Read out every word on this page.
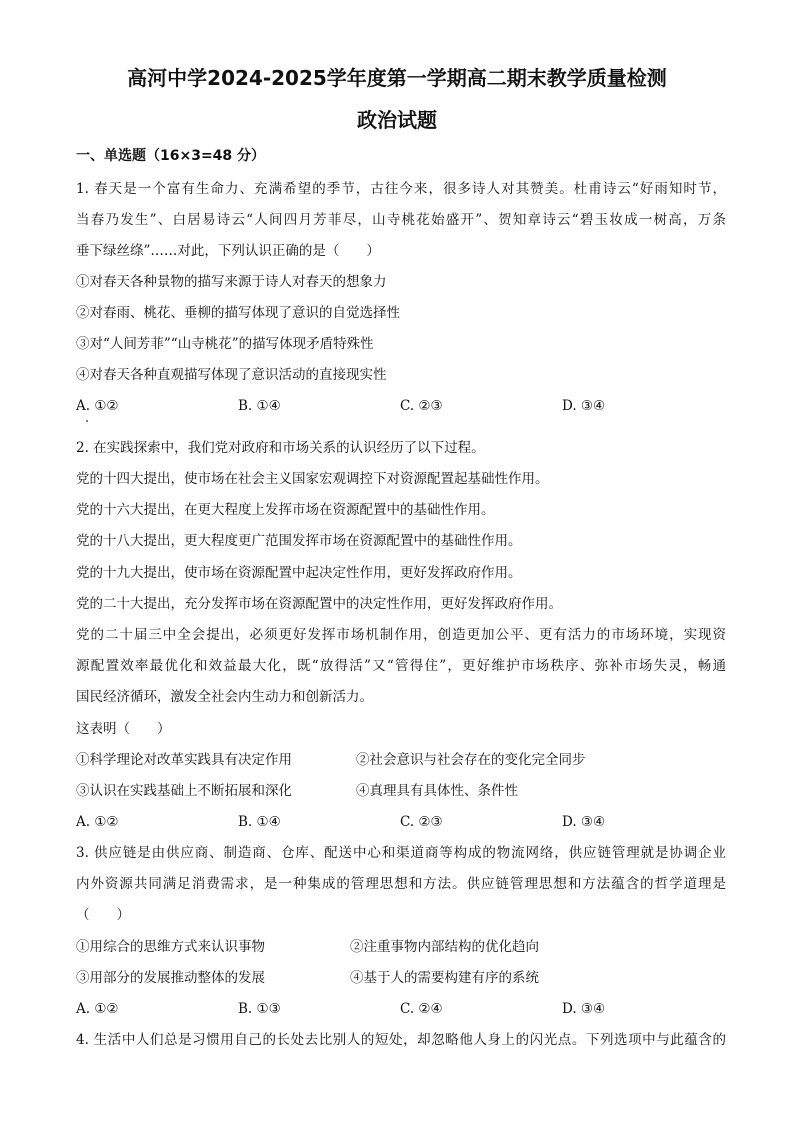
高河中学2024-2025学年度第一学期高二期末教学质量检测
政治试题
一、单选题（16×3=48 分）
1. 春天是一个富有生命力、充满希望的季节，古往今来，很多诗人对其赞美。杜甫诗云“好雨知时节，
当春乃发生”、白居易诗云“人间四月芳菲尽，山寺桃花始盛开”、贺知章诗云“碧玉妆成一树高，万条
垂下绿丝绦”……对此，下列认识正确的是（　　）
①对春天各种景物的描写来源于诗人对春天的想象力
②对春雨、桃花、垂柳的描写体现了意识的自觉选择性
③对“人间芳菲”“山寺桃花”的描写体现矛盾特殊性
④对春天各种直观描写体现了意识活动的直接现实性
A. ①②	B. ①④	C. ②③	D. ③④
2. 在实践探索中，我们党对政府和市场关系的认识经历了以下过程。
党的十四大提出，使市场在社会主义国家宏观调控下对资源配置起基础性作用。
党的十六大提出，在更大程度上发挥市场在资源配置中的基础性作用。
党的十八大提出，更大程度更广范围发挥市场在资源配置中的基础性作用。
党的十九大提出，使市场在资源配置中起决定性作用，更好发挥政府作用。
党的二十大提出，充分发挥市场在资源配置中的决定性作用，更好发挥政府作用。
党的二十届三中全会提出，必须更好发挥市场机制作用，创造更加公平、更有活力的市场环境，实现资
源配置效率最优化和效益最大化，既“放得活”又“管得住”，更好维护市场秩序、弥补市场失灵，畅通
国民经济循环，激发全社会内生动力和创新活力。
这表明（　　）
①科学理论对改革实践具有决定作用	②社会意识与社会存在的变化完全同步
③认识在实践基础上不断拓展和深化	④真理具有具体性、条件性
A. ①②	B. ①④	C. ②③	D. ③④
3. 供应链是由供应商、制造商、仓库、配送中心和渠道商等构成的物流网络，供应链管理就是协调企业
内外资源共同满足消费需求，是一种集成的管理思想和方法。供应链管理思想和方法蕴含的哲学道理是
（　　）
①用综合的思维方式来认识事物	②注重事物内部结构的优化趋向
③用部分的发展推动整体的发展	④基于人的需要构建有序的系统
A. ①②	B. ①③	C. ②④	D. ③④
4. 生活中人们总是习惯用自己的长处去比别人的短处，却忽略他人身上的闪光点。下列选项中与此蕴含的
